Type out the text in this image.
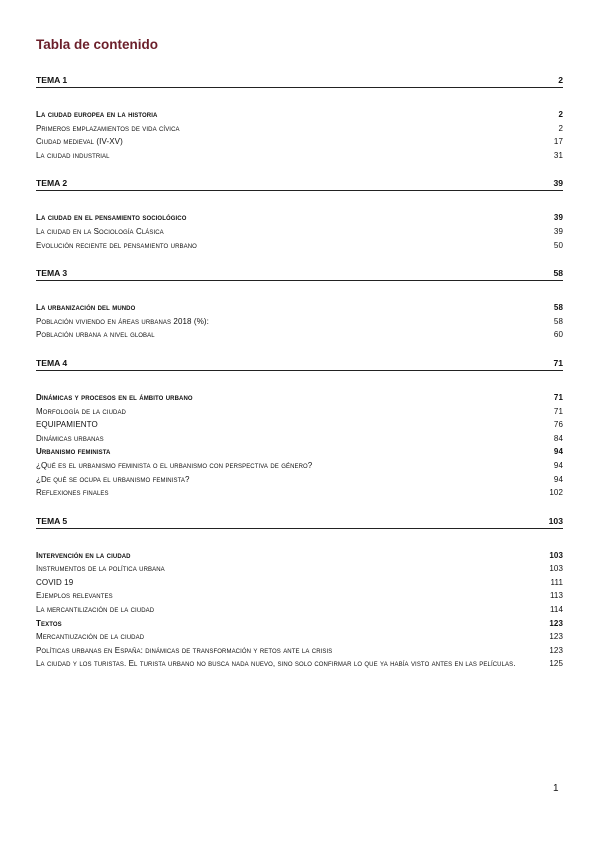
Tabla de contenido
TEMA 1	2
La ciudad europea en la historia	2
Primeros emplazamientos de vida cívica	2
Ciudad medieval (IV-XV)	17
La ciudad industrial	31
TEMA 2	39
La ciudad en el pensamiento sociológico	39
La ciudad en la Sociología Clásica	39
Evolución reciente del pensamiento urbano	50
TEMA 3	58
La urbanización del mundo	58
Población viviendo en áreas urbanas 2018 (%):	58
Población urbana a nivel global	60
TEMA 4	71
Dinámicas y procesos en el ámbito urbano	71
Morfología de la ciudad	71
EQUIPAMIENTO	76
Dinámicas urbanas	84
Urbanismo feminista	94
¿Qué es el urbanismo feminista o el urbanismo con perspectiva de género?	94
¿De qué se ocupa el urbanismo feminista?	94
Reflexiones finales	102
TEMA 5	103
Intervención en la ciudad	103
Instrumentos de la política urbana	103
COVID 19	111
Ejemplos relevantes	113
La mercantilización de la ciudad	114
Textos	123
Mercantiuzación de la ciudad	123
Políticas urbanas en España: dinámicas de transformación y retos ante la crisis	123
La ciudad y los turistas. El turista urbano no busca nada nuevo, sino solo confirmar lo que ya había visto antes en las películas.	125
1
